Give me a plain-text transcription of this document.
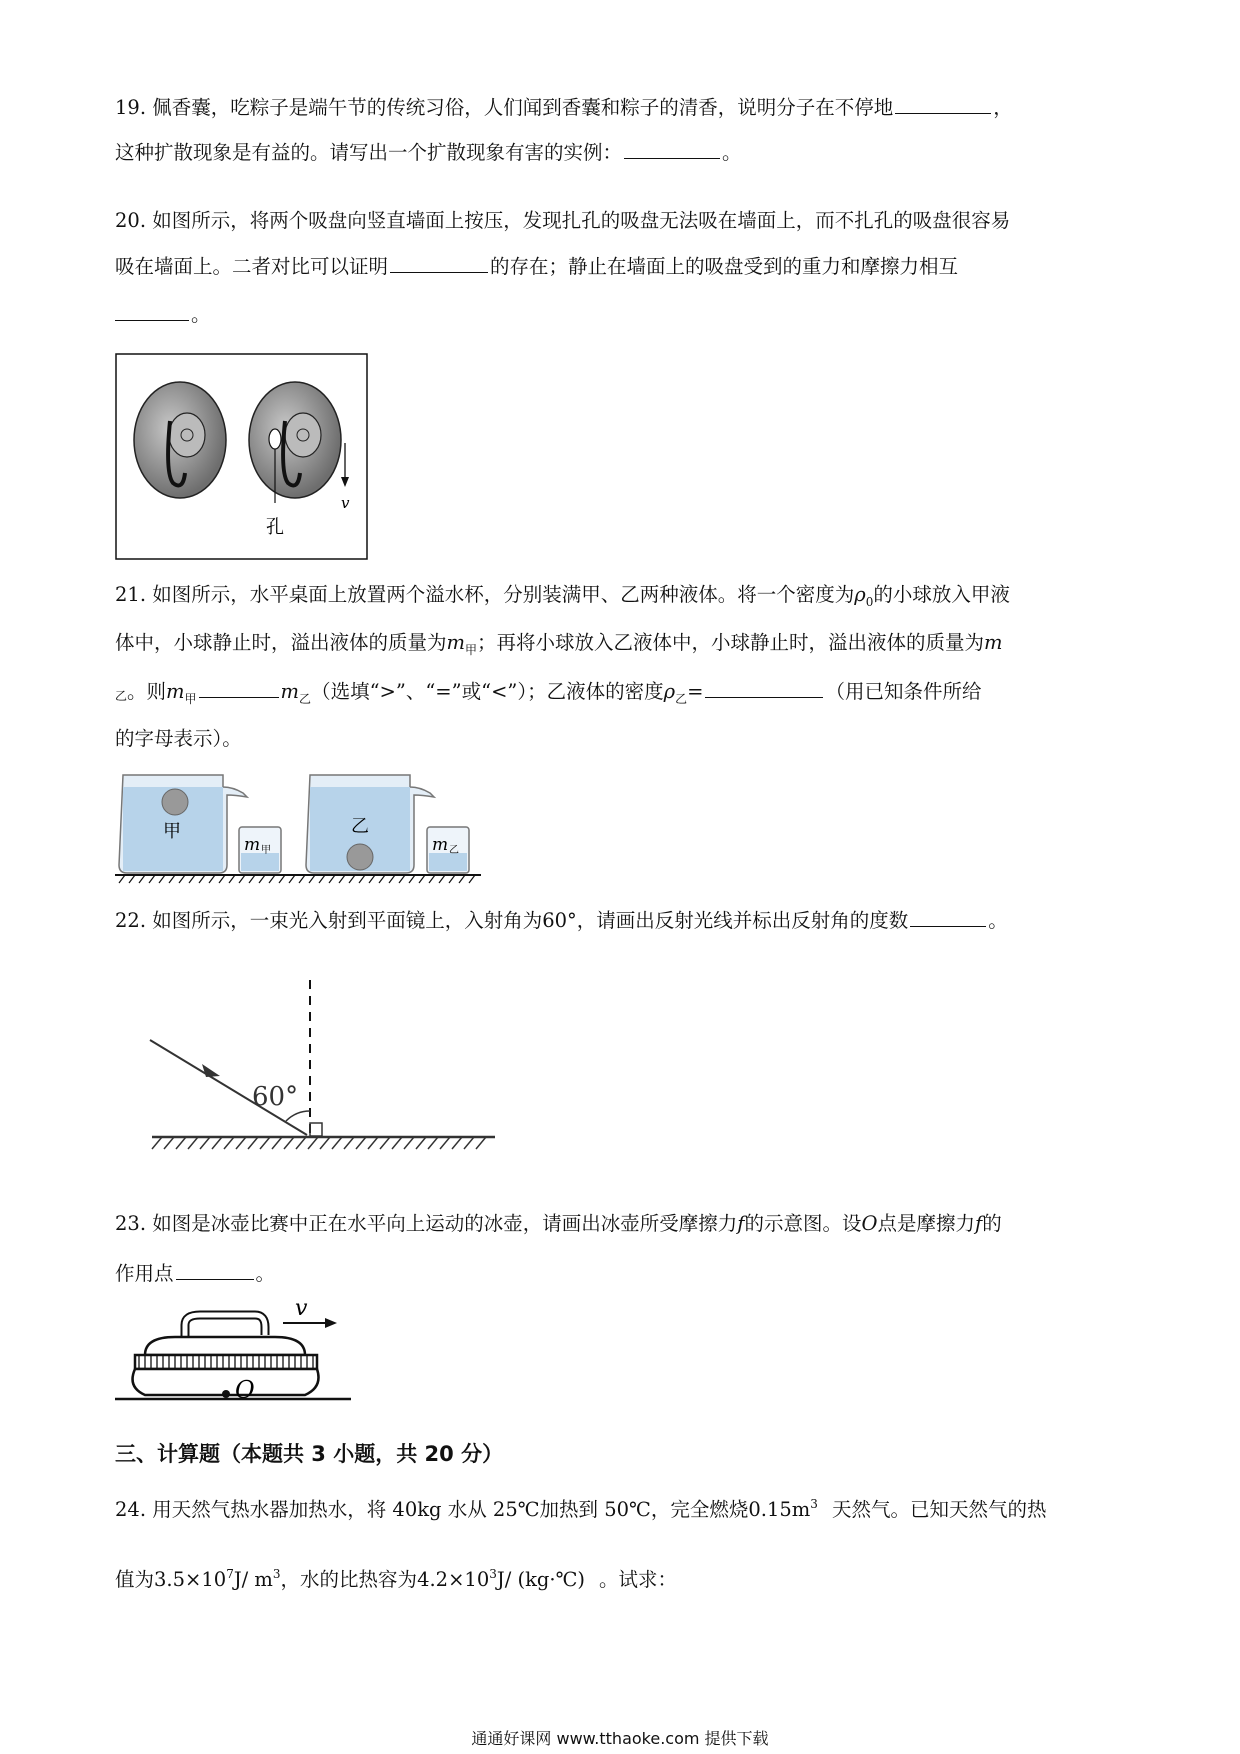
19. 佩香囊，吃粽子是端午节的传统习俗，人们闻到香囊和粽子的清香，说明分子在不停地	，
这种扩散现象是有益的。请写出一个扩散现象有害的实例：	。
20. 如图所示，将两个吸盘向竖直墙面上按压，发现扎孔的吸盘无法吸在墙面上，而不扎孔的吸盘很容易
吸在墙面上。二者对比可以证明	的存在；静止在墙面上的吸盘受到的重力和摩擦力相互
。
v
孔
21. 如图所示，水平桌面上放置两个溢水杯，分别装满甲、乙两种液体。将一个密度为$\rho_0$的小球放入甲液
体中，小球静止时，溢出液体的质量为$m_甲$；再将小球放入乙液体中，小球静止时，溢出液体的质量为m
乙。则$m_甲$	$m_乙$（选填“>”、“=”或“<”）；乙液体的密度$\rho_乙=$	（用已知条件所给
的字母表示）。
甲
m 甲
乙
m 乙
22. 如图所示，一束光入射到平面镜上，入射角为60°，请画出反射光线并标出反射角的度数	。
60°
23. 如图是冰壶比赛中正在水平向上运动的冰壶，请画出冰壶所受摩擦力f的示意图。设O点是摩擦力f的
作用点	。
O
v
三、计算题（本题共 3 小题，共 20 分）
24. 用天然气热水器加热水，将 40kg 水从 25℃加热到 50℃，完全燃烧$0.15m^3$ 天然气。已知天然气的热
值为$3.5\times 10^7J/$ $m^3$，水的比热容为$4.2\times 10^3J/$ (kg·℃) 。试求：
通通好课网 www.tthaoke.com 提供下载
